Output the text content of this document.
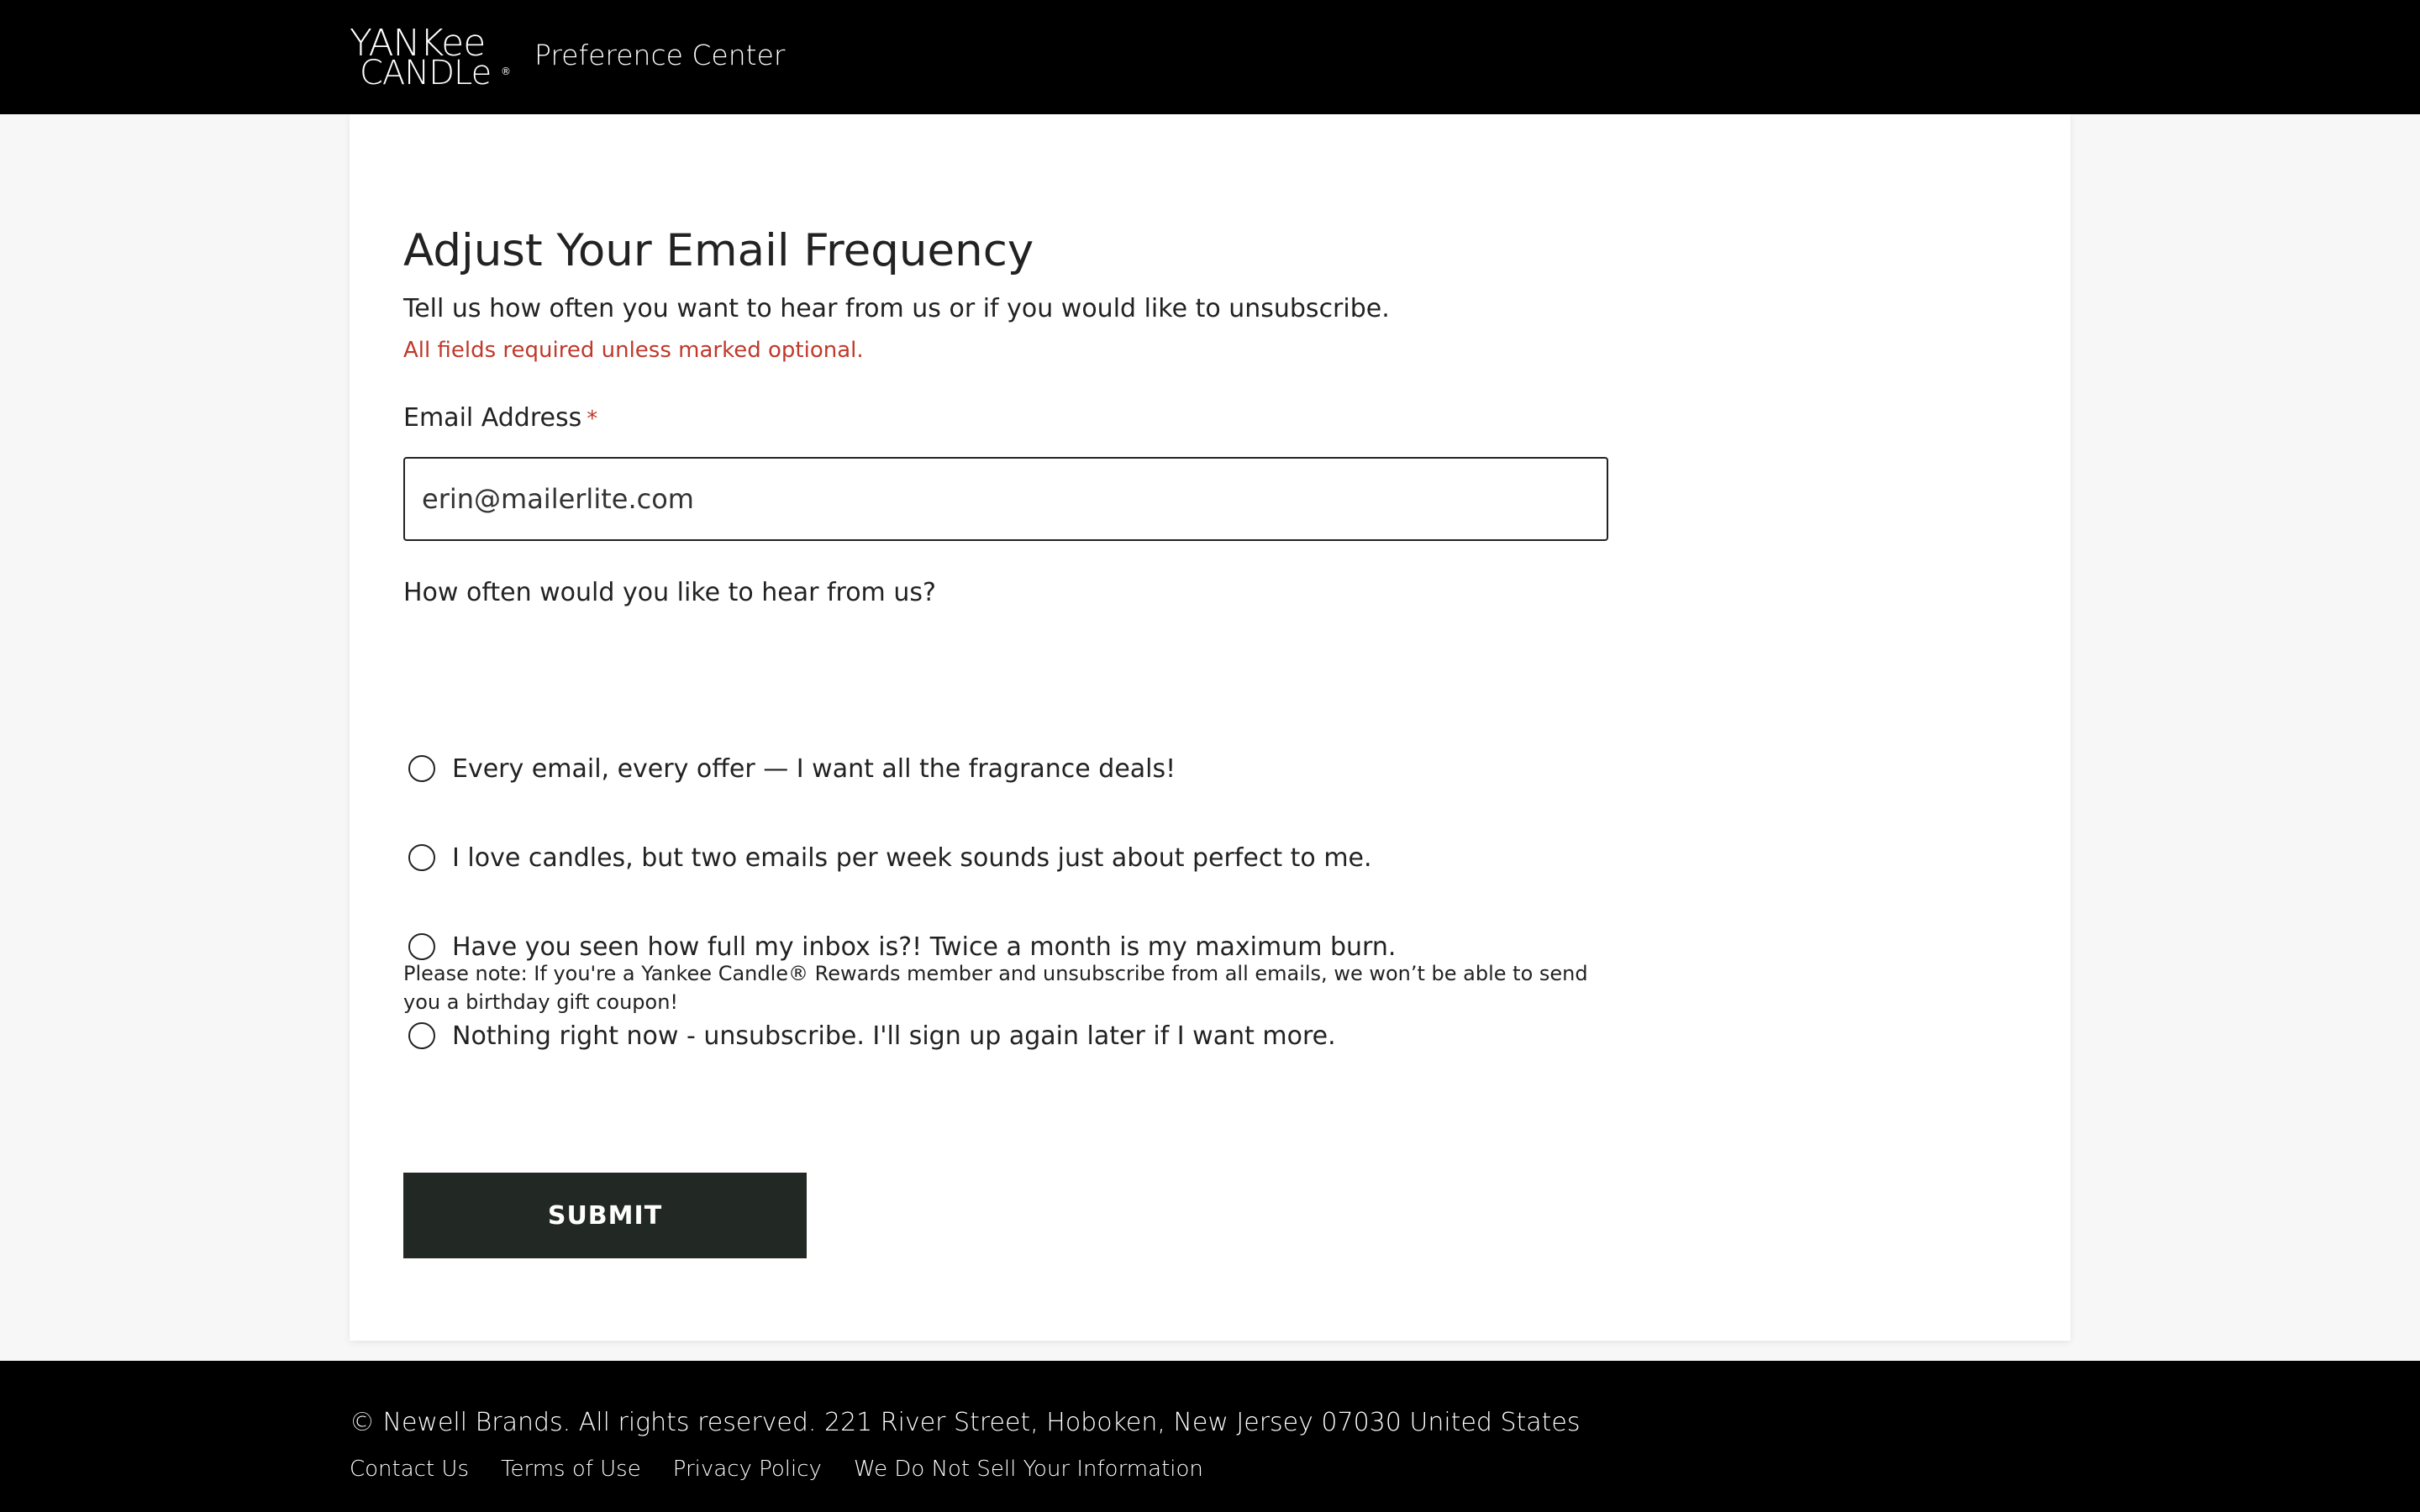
YANKee
CANDLe ® Preference Center
Adjust Your Email Frequency
Tell us how often you want to hear from us or if you would like to unsubscribe.
All fields required unless marked optional.
Email Address *
erin@mailerlite.com
How often would you like to hear from us?
Every email, every offer — I want all the fragrance deals!
I love candles, but two emails per week sounds just about perfect to me.
Have you seen how full my inbox is?! Twice a month is my maximum burn.
Nothing right now - unsubscribe. I'll sign up again later if I want more.
Please note: If you're a Yankee Candle® Rewards member and unsubscribe from all emails, we won’t be able to send you a birthday gift coupon!
SUBMIT
© Newell Brands. All rights reserved. 221 River Street, Hoboken, New Jersey 07030 United States
Contact Us Terms of Use Privacy Policy We Do Not Sell Your Information
